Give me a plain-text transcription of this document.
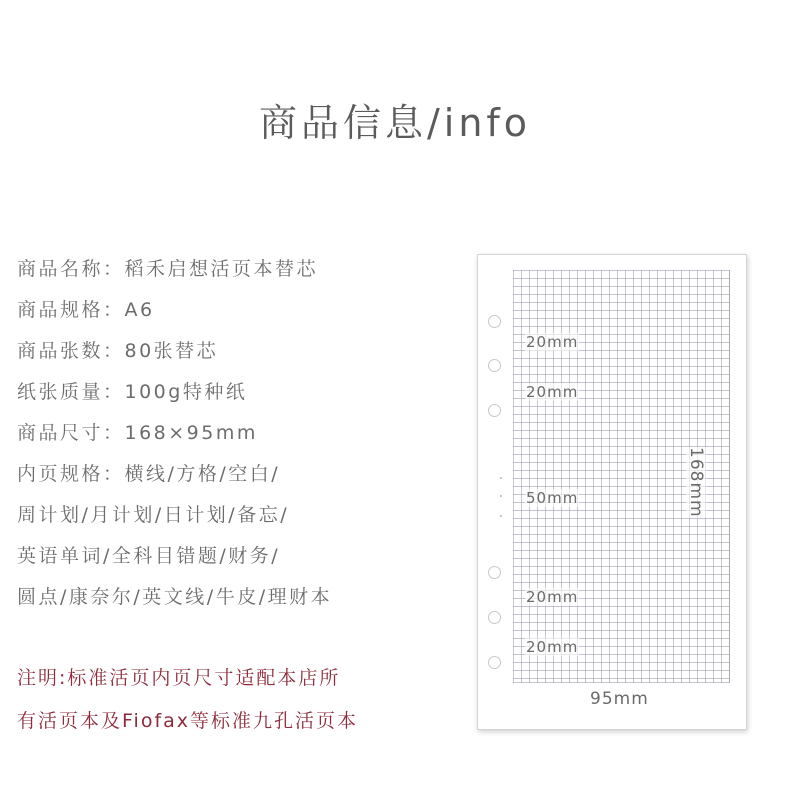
商品信息/info
商品名称：稻禾启想活页本替芯
商品规格：A6
商品张数：80张替芯
纸张质量：100g特种纸
商品尺寸：168×95mm
内页规格：横线/方格/空白/
周计划/月计划/日计划/备忘/
英语单词/全科目错题/财务/
圆点/康奈尔/英文线/牛皮/理财本
注明:标准活页内页尺寸适配本店所
有活页本及Fiofax等标准九孔活页本
20mm
20mm
50mm
20mm
20mm
168mm
95mm
